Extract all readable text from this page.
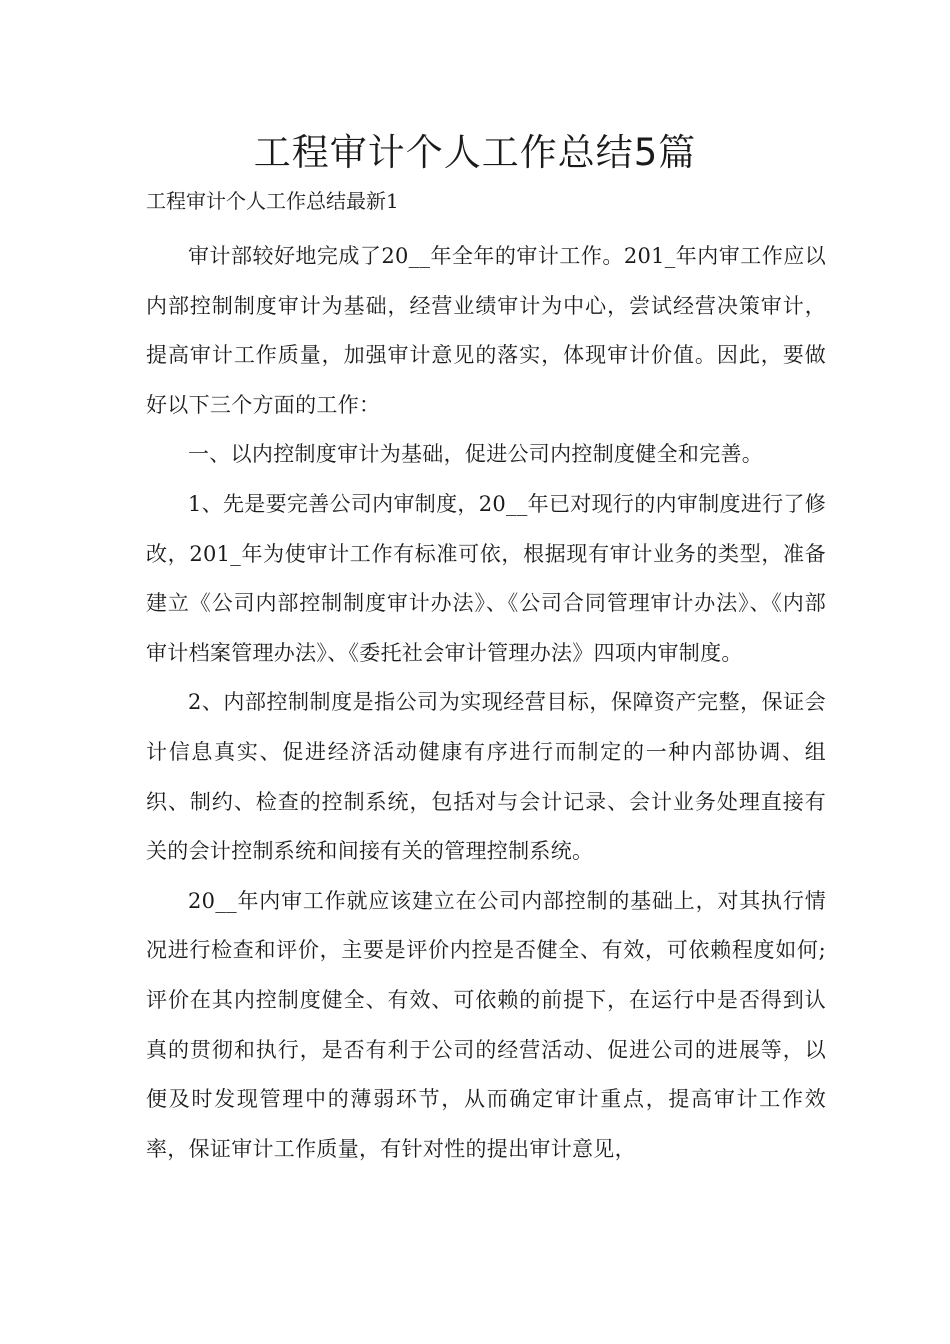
工程审计个人工作总结5篇

工程审计个人工作总结最新1

审计部较好地完成了20__年全年的审计工作。201_年内审工作应以内部控制制度审计为基础，经营业绩审计为中心，尝试经营决策审计，提高审计工作质量，加强审计意见的落实，体现审计价值。因此，要做好以下三个方面的工作：

一、以内控制度审计为基础，促进公司内控制度健全和完善。

1、先是要完善公司内审制度，20__年已对现行的内审制度进行了修改，201_年为使审计工作有标准可依，根据现有审计业务的类型，准备建立《公司内部控制制度审计办法》、《公司合同管理审计办法》、《内部审计档案管理办法》、《委托社会审计管理办法》四项内审制度。

2、内部控制制度是指公司为实现经营目标，保障资产完整，保证会计信息真实、促进经济活动健康有序进行而制定的一种内部协调、组织、制约、检查的控制系统，包括对与会计记录、会计业务处理直接有关的会计控制系统和间接有关的管理控制系统。

20__年内审工作就应该建立在公司内部控制的基础上，对其执行情况进行检查和评价，主要是评价内控是否健全、有效，可依赖程度如何;评价在其内控制度健全、有效、可依赖的前提下，在运行中是否得到认真的贯彻和执行，是否有利于公司的经营活动、促进公司的进展等，以便及时发现管理中的薄弱环节，从而确定审计重点，提高审计工作效率，保证审计工作质量，有针对性的提出审计意见，
